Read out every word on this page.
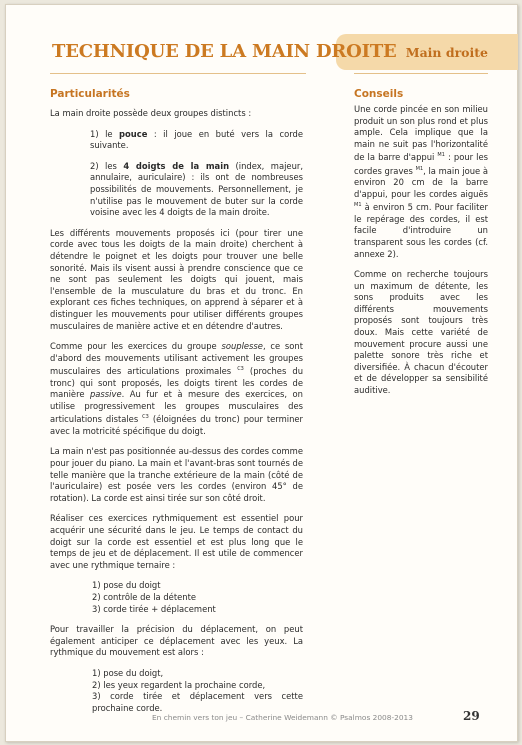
Main droite
TECHNIQUE DE LA MAIN DROITE
Particularités	Conseils

La main droite possède deux groupes distincts :

1) le pouce : il joue en buté vers la corde suivante.

2) les 4 doigts de la main (index, majeur, annulaire, auriculaire) : ils ont de nombreuses possibilités de mouvements. Personnellement, je n'utilise pas le mouvement de buter sur la corde voisine avec les 4 doigts de la main droite.

Les différents mouvements proposés ici (pour tirer une corde avec tous les doigts de la main droite) cherchent à détendre le poignet et les doigts pour trouver une belle sonorité. Mais ils visent aussi à prendre conscience que ce ne sont pas seulement les doigts qui jouent, mais l'ensemble de la musculature du bras et du tronc. En explorant ces fiches techniques, on apprend à séparer et à distinguer les mouvements pour utiliser différents groupes musculaires de manière active et en détendre d'autres.

Comme pour les exercices du groupe souplesse, ce sont d'abord des mouvements utilisant activement les groupes musculaires des articulations proximales $^{C3}$ (proches du tronc) qui sont proposés, les doigts tirent les cordes de manière passive. Au fur et à mesure des exercices, on utilise progressivement les groupes musculaires des articulations distales $^{C3}$ (éloignées du tronc) pour terminer avec la motricité spécifique du doigt.

La main n'est pas positionnée au-dessus des cordes comme pour jouer du piano. La main et l'avant-bras sont tournés de telle manière que la tranche extérieure de la main (côté de l'auriculaire) est posée vers les cordes (environ 45° de rotation). La corde est ainsi tirée sur son côté droit.

Réaliser ces exercices rythmiquement est essentiel pour acquérir une sécurité dans le jeu. Le temps de contact du doigt sur la corde est essentiel et est plus long que le temps de jeu et de déplacement. Il est utile de commencer avec une rythmique ternaire :

1) pose du doigt
2) contrôle de la détente
3) corde tirée + déplacement

Pour travailler la précision du déplacement, on peut également anticiper ce déplacement avec les yeux. La rythmique du mouvement est alors :

1) pose du doigt,
2) les yeux regardent la prochaine corde,
3) corde tirée et déplacement vers cette prochaine corde.

Une corde pincée en son milieu produit un son plus rond et plus ample. Cela implique que la main ne suit pas l'horizontalité de la barre d'appui $^{M1}$ : pour les cordes graves $^{M1}$, la main joue à environ 20 cm de la barre d'appui, pour les cordes aiguës $^{M1}$ à environ 5 cm. Pour faciliter le repérage des cordes, il est facile d'introduire un transparent sous les cordes (cf. annexe 2).

Comme on recherche toujours un maximum de détente, les sons produits avec les différents mouvements proposés sont toujours très doux. Mais cette variété de mouvement procure aussi une palette sonore très riche et diversifiée. À chacun d'écouter et de développer sa sensibilité auditive.

En chemin vers ton jeu – Catherine Weidemann © Psalmos 2008-2013	29
